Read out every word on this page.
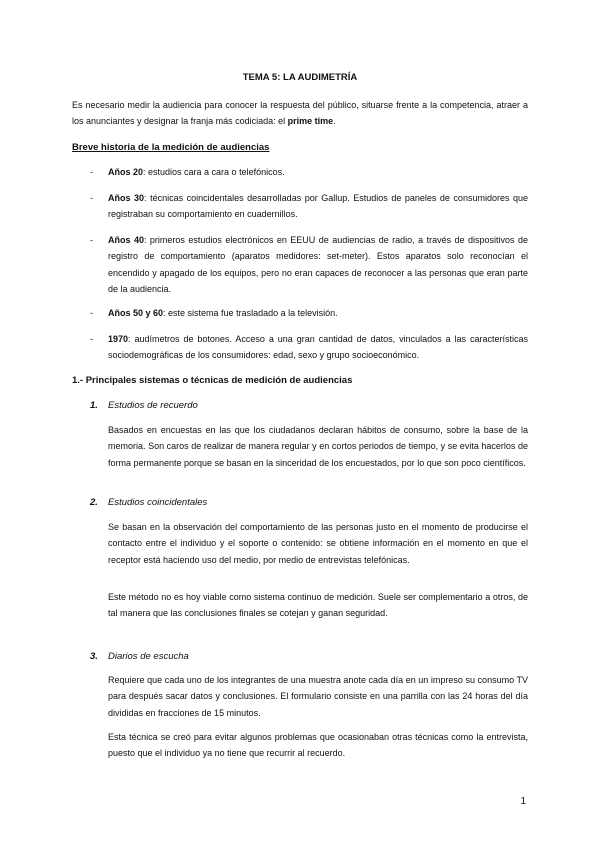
TEMA 5: LA AUDIMETRÍA

Es necesario medir la audiencia para conocer la respuesta del público, situarse frente a la competencia, atraer a los anunciantes y designar la franja más codiciada: el prime time.

Breve historia de la medición de audiencias
- Años 20: estudios cara a cara o telefónicos.

- Años 30: técnicas coincidentales desarrolladas por Gallup. Estudios de paneles de consumidores que registraban su comportamiento en cuadernillos.

- Años 40: primeros estudios electrónicos en EEUU de audiencias de radio, a través de dispositivos de registro de comportamiento (aparatos medidores: set-meter). Estos aparatos solo reconocían el encendido y apagado de los equipos, pero no eran capaces de reconocer a las personas que eran parte de la audiencia.

- Años 50 y 60: este sistema fue trasladado a la televisión.

- 1970: audímetros de botones. Acceso a una gran cantidad de datos, vinculados a las características sociodemográficas de los consumidores: edad, sexo y grupo socioeconómico.

1.- Principales sistemas o técnicas de medición de audiencias
1. Estudios de recuerdo

Basados en encuestas en las que los ciudadanos declaran hábitos de consumo, sobre la base de la memoria. Son caros de realizar de manera regular y en cortos periodos de tiempo, y se evita hacerlos de forma permanente porque se basan en la sinceridad de los encuestados, por lo que son poco científicos.

2. Estudios coincidentales

Se basan en la observación del comportamiento de las personas justo en el momento de producirse el contacto entre el individuo y el soporte o contenido: se obtiene información en el momento en que el receptor está haciendo uso del medio, por medio de entrevistas telefónicas.

Este método no es hoy viable como sistema continuo de medición. Suele ser complementario a otros, de tal manera que las conclusiones finales se cotejan y ganan seguridad.

3. Diarios de escucha

Requiere que cada uno de los integrantes de una muestra anote cada día en un impreso su consumo TV para después sacar datos y conclusiones. El formulario consiste en una parrilla con las 24 horas del día divididas en fracciones de 15 minutos.

Esta técnica se creó para evitar algunos problemas que ocasionaban otras técnicas como la entrevista, puesto que el individuo ya no tiene que recurrir al recuerdo.

1
